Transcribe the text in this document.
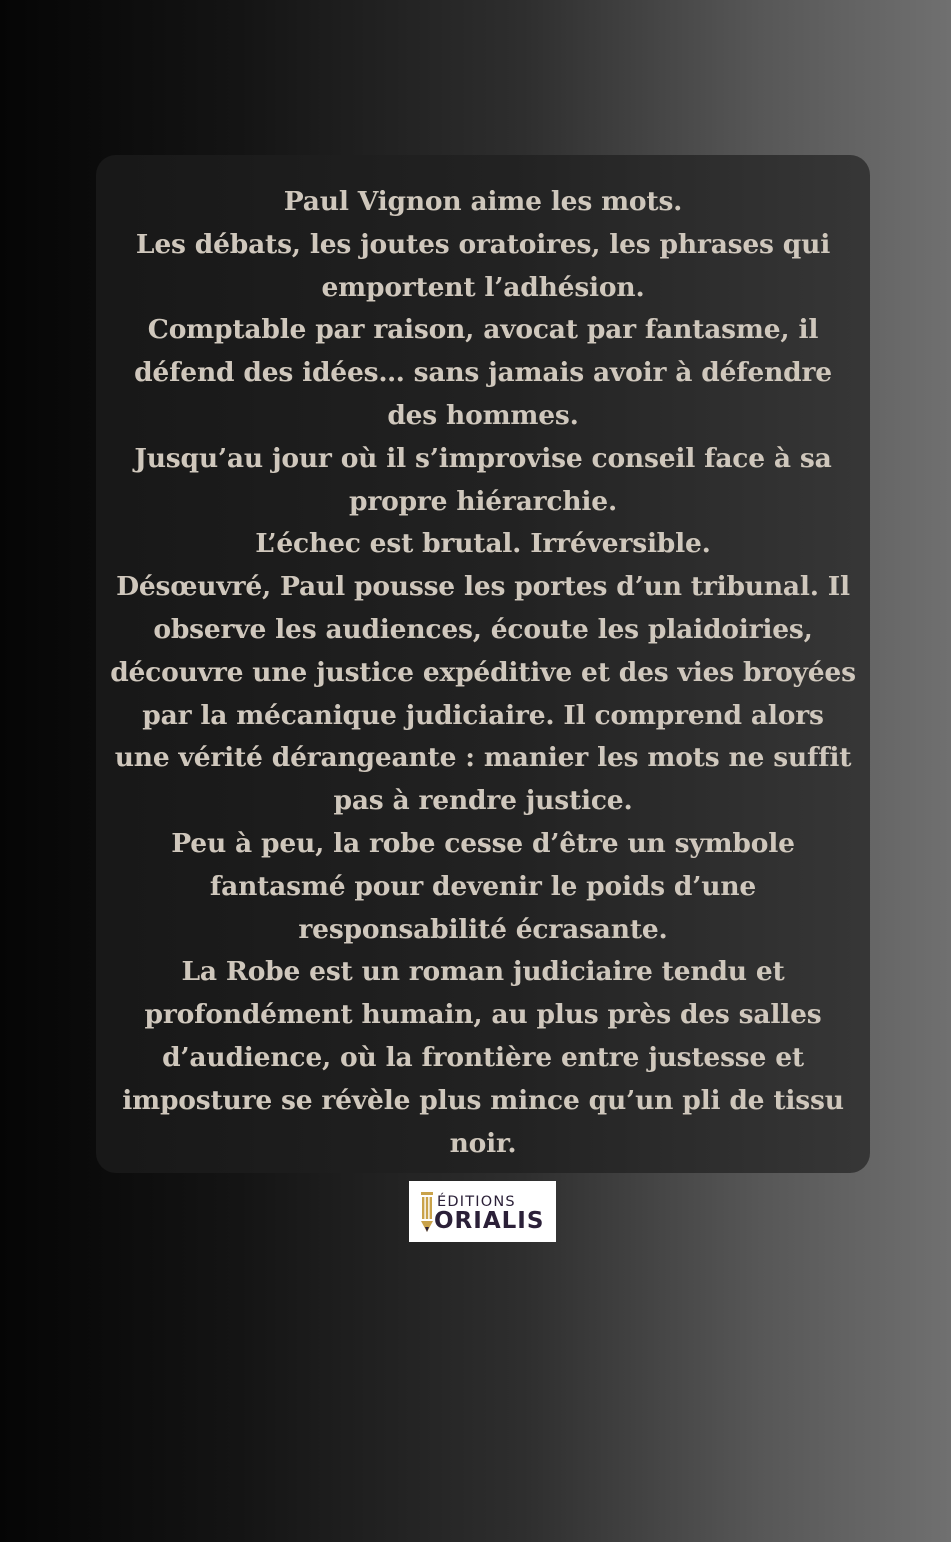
Paul Vignon aime les mots.
Les débats, les joutes oratoires, les phrases qui
emportent l’adhésion.
Comptable par raison, avocat par fantasme, il
défend des idées… sans jamais avoir à défendre
des hommes.
Jusqu’au jour où il s’improvise conseil face à sa
propre hiérarchie.
L’échec est brutal. Irréversible.
Désœuvré, Paul pousse les portes d’un tribunal. Il
observe les audiences, écoute les plaidoiries,
découvre une justice expéditive et des vies broyées
par la mécanique judiciaire. Il comprend alors
une vérité dérangeante : manier les mots ne suffit
pas à rendre justice.
Peu à peu, la robe cesse d’être un symbole
fantasmé pour devenir le poids d’une
responsabilité écrasante.
La Robe est un roman judiciaire tendu et
profondément humain, au plus près des salles
d’audience, où la frontière entre justesse et
imposture se révèle plus mince qu’un pli de tissu
noir.

ÉDITIONS
ORIALIS
